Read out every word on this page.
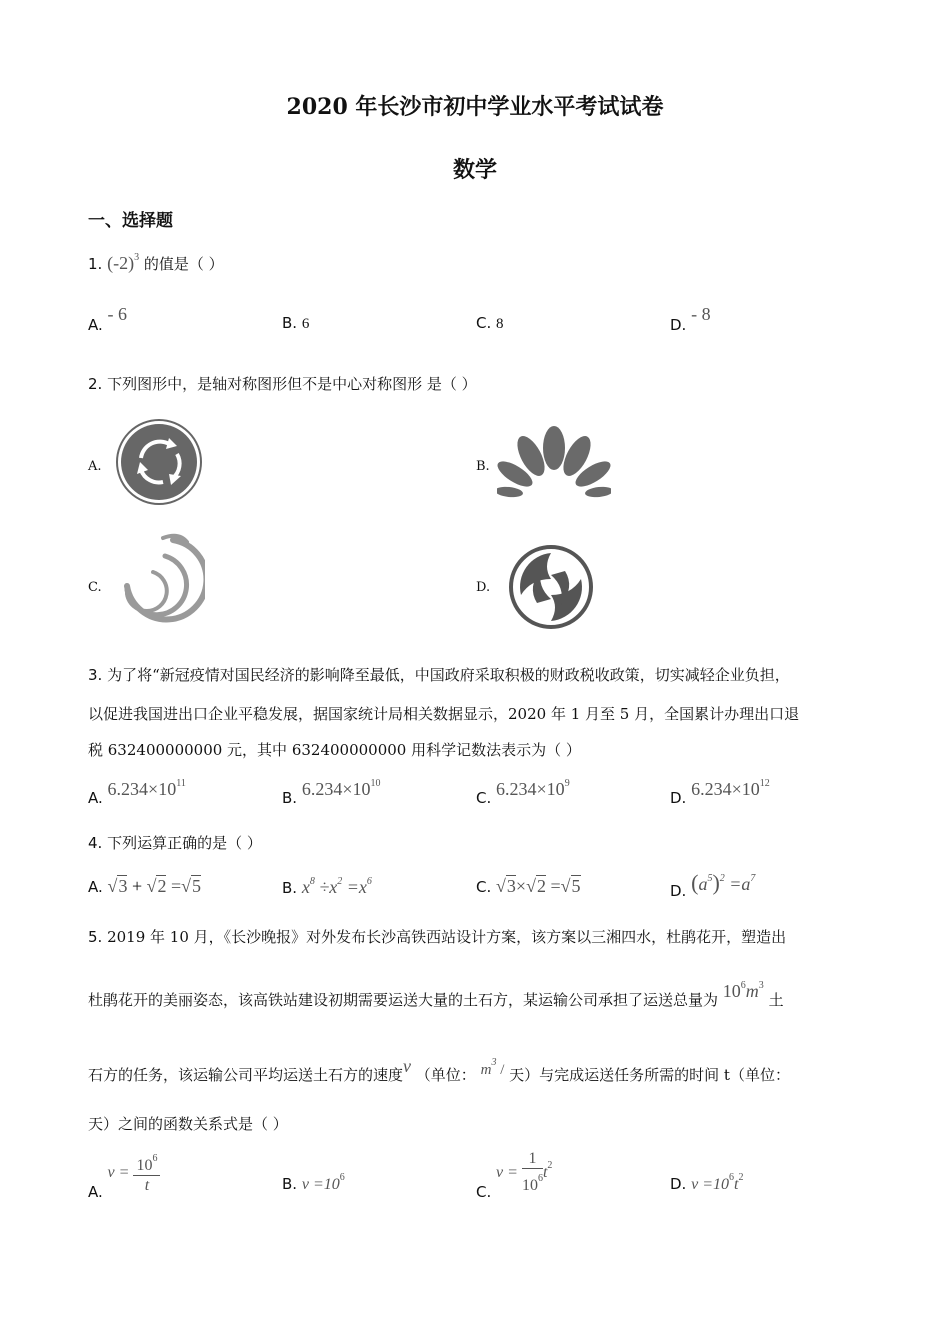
2020 年长沙市初中学业水平考试试卷
数学
一、选择题
1. $(-2)^3$ 的值是（ ）
A. - 6	B. 6	C. 8	D. - 8
2. 下列图形中，是轴对称图形但不是中心对称图形 是（ ）
A.	B.
C.	D.
3. 为了将“新冠疫情对国民经济的影响降至最低，中国政府采取积极的财政税收政策，切实减轻企业负担，
以促进我国进出口企业平稳发展，据国家统计局相关数据显示，2020 年 1 月至 5 月，全国累计办理出口退
税 632400000000 元，其中 632400000000 用科学记数法表示为（ ）
A. $6.234\times 10^{11}$
B. $6.234\times 10^{10}$
C. $6.234\times 10^9$
D. $6.234\times 10^{12}$
4. 下列运算正确的是（ ）
A. √3 + √2 =√5	B. $x^8 \div x^2 =x^6$	C. √3×√2 =√5	D. $(a^5)^2 =a^7$
5. 2019 年 10 月，《长沙晚报》对外发布长沙高铁西站设计方案，该方案以三湘四水，杜鹃花开，塑造出
杜鹃花开的美丽姿态，该高铁站建设初期需要运送大量的土石方，某运输公司承担了运送总量为 $10^6m^3$ 土
石方的任务，该运输公司平均运送土石方的速度v （单位： $m^3$ / 天）与完成运送任务所需的时间 t（单位：
天）之间的函数关系式是（ ）
A. $v = \frac{10^6}{t}$	B. $v =10^6$
C. $v = \frac{1}{10^6} t^2$
D. $v =10^6t^2$
